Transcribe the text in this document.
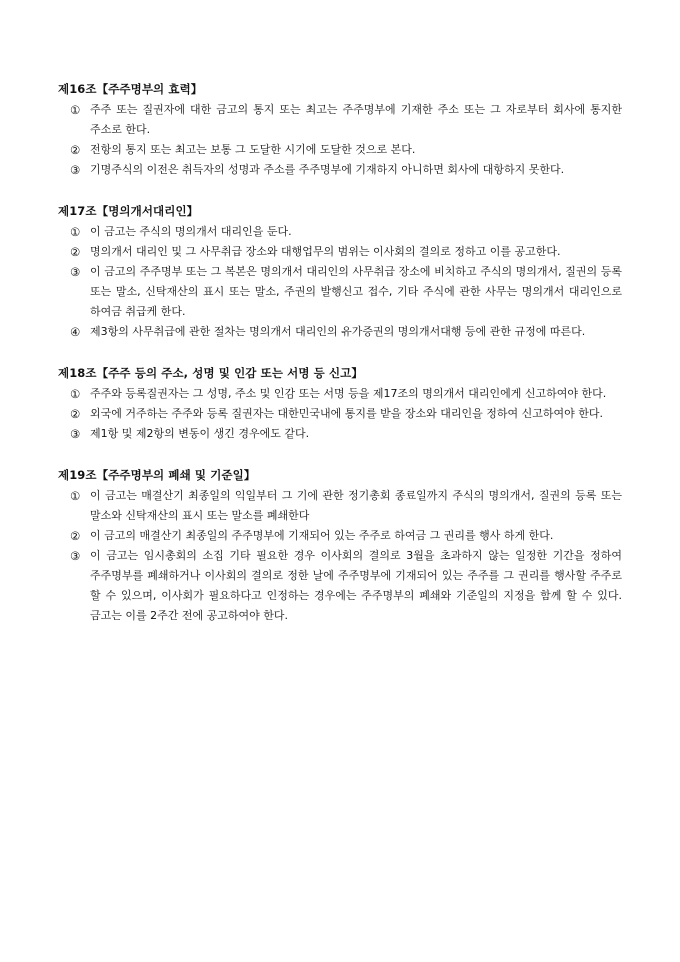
제16조【주주명부의 효력】
① 주주 또는 질권자에 대한 금고의 통지 또는 최고는 주주명부에 기재한 주소 또는 그 자로부터 회사에 통지한 주소로 한다.
② 전항의 통지 또는 최고는 보통 그 도달한 시기에 도달한 것으로 본다.
③ 기명주식의 이전은 취득자의 성명과 주소를 주주명부에 기재하지 아니하면 회사에 대항하지 못한다.
제17조【명의개서대리인】
① 이 금고는 주식의 명의개서 대리인을 둔다.
② 명의개서 대리인 및 그 사무취급 장소와 대행업무의 범위는 이사회의 결의로 정하고 이를 공고한다.
③ 이 금고의 주주명부 또는 그 복본은 명의개서 대리인의 사무취급 장소에 비치하고 주식의 명의개서, 질권의 등록 또는 말소, 신탁재산의 표시 또는 말소, 주권의 발행신고 접수, 기타 주식에 관한 사무는 명의개서 대리인으로 하여금 취급케 한다.
④ 제3항의 사무취급에 관한 절차는 명의개서 대리인의 유가증권의 명의개서대행 등에 관한 규정에 따른다.
제18조【주주 등의 주소, 성명 및 인감 또는 서명 등 신고】
① 주주와 등록질권자는 그 성명, 주소 및 인감 또는 서명 등을 제17조의 명의개서 대리인에게 신고하여야 한다.
② 외국에 거주하는 주주와 등록 질권자는 대한민국내에 통지를 받을 장소와 대리인을 정하여 신고하여야 한다.
③ 제1항 및 제2항의 변동이 생긴 경우에도 같다.
제19조【주주명부의 폐쇄 및 기준일】
① 이 금고는 매결산기 최종일의 익일부터 그 기에 관한 정기총회 종료일까지 주식의 명의개서, 질권의 등록 또는 말소와 신탁재산의 표시 또는 말소를 폐쇄한다
② 이 금고의 매결산기 최종일의 주주명부에 기재되어 있는 주주로 하여금 그 권리를 행사 하게 한다.
③ 이 금고는 임시총회의 소집 기타 필요한 경우 이사회의 결의로 3월을 초과하지 않는 일정한 기간을 정하여 주주명부를 폐쇄하거나 이사회의 결의로 정한 날에 주주명부에 기재되어 있는 주주를 그 권리를 행사할 주주로 할 수 있으며, 이사회가 필요하다고 인정하는 경우에는 주주명부의 폐쇄와 기준일의 지정을 함께 할 수 있다. 금고는 이를 2주간 전에 공고하여야 한다.
